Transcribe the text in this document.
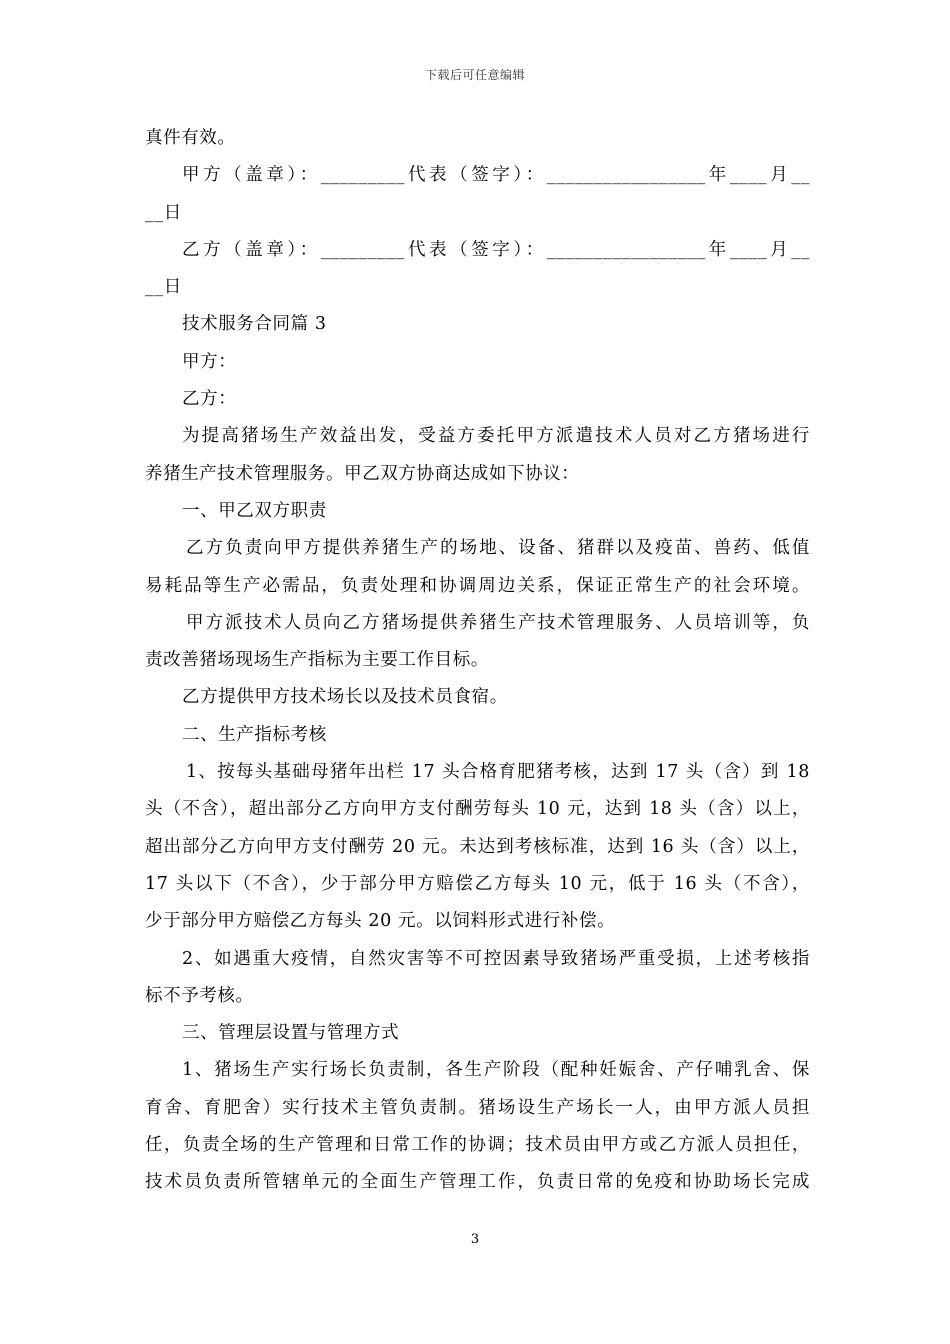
下载后可任意编辑
真件有效。
甲方（盖章）：_________代表（签字）：_________________年____月__
__日
乙方（盖章）：_________代表（签字）：_________________年____月__
__日
技术服务合同篇 3
甲方：
乙方：
为提高猪场生产效益出发，受益方委托甲方派遣技术人员对乙方猪场进行
养猪生产技术管理服务。甲乙双方协商达成如下协议：
一、甲乙双方职责
乙方负责向甲方提供养猪生产的场地、设备、猪群以及疫苗、兽药、低值
易耗品等生产必需品，负责处理和协调周边关系，保证正常生产的社会环境。
甲方派技术人员向乙方猪场提供养猪生产技术管理服务、人员培训等，负
责改善猪场现场生产指标为主要工作目标。
乙方提供甲方技术场长以及技术员食宿。
二、生产指标考核
1、按每头基础母猪年出栏 17 头合格育肥猪考核，达到 17 头（含）到 18
头（不含），超出部分乙方向甲方支付酬劳每头 10 元，达到 18 头（含）以上，
超出部分乙方向甲方支付酬劳 20 元。未达到考核标准，达到 16 头（含）以上，
17 头以下（不含），少于部分甲方赔偿乙方每头 10 元，低于 16 头（不含），
少于部分甲方赔偿乙方每头 20 元。以饲料形式进行补偿。
2、如遇重大疫情，自然灾害等不可控因素导致猪场严重受损，上述考核指
标不予考核。
三、管理层设置与管理方式
1、猪场生产实行场长负责制，各生产阶段（配种妊娠舍、产仔哺乳舍、保
育舍、育肥舍）实行技术主管负责制。猪场设生产场长一人，由甲方派人员担
任，负责全场的生产管理和日常工作的协调；技术员由甲方或乙方派人员担任，
技术员负责所管辖单元的全面生产管理工作，负责日常的免疫和协助场长完成
3
